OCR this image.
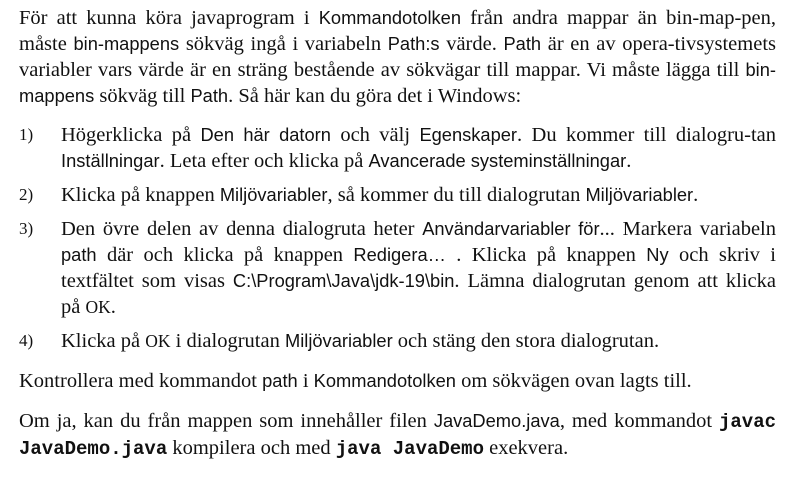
För att kunna köra javaprogram i Kommandotolken från andra mappar än bin-map-pen, måste bin-mappens sökväg ingå i variabeln Path:s värde. Path är en av opera-tivsystemets variabler vars värde är en sträng bestående av sökvägar till mappar. Vi måste lägga till bin-mappens sökväg till Path. Så här kan du göra det i Windows:

1) Högerklicka på Den här datorn och välj Egenskaper. Du kommer till dialogru-tan Inställningar. Leta efter och klicka på Avancerade systeminställningar.
2) Klicka på knappen Miljövariabler, så kommer du till dialogrutan Miljövariabler.
3) Den övre delen av denna dialogruta heter Användarvariabler för... Markera variabeln path där och klicka på knappen Redigera… . Klicka på knappen Ny och skriv i textfältet som visas C:\Program\Java\jdk-19\bin. Lämna dialogrutan genom att klicka på OK.
4) Klicka på OK i dialogrutan Miljövariabler och stäng den stora dialogrutan.

Kontrollera med kommandot path i Kommandotolken om sökvägen ovan lagts till.

Om ja, kan du från mappen som innehåller filen JavaDemo.java, med kommandot javac JavaDemo.java kompilera och med java JavaDemo exekvera.
